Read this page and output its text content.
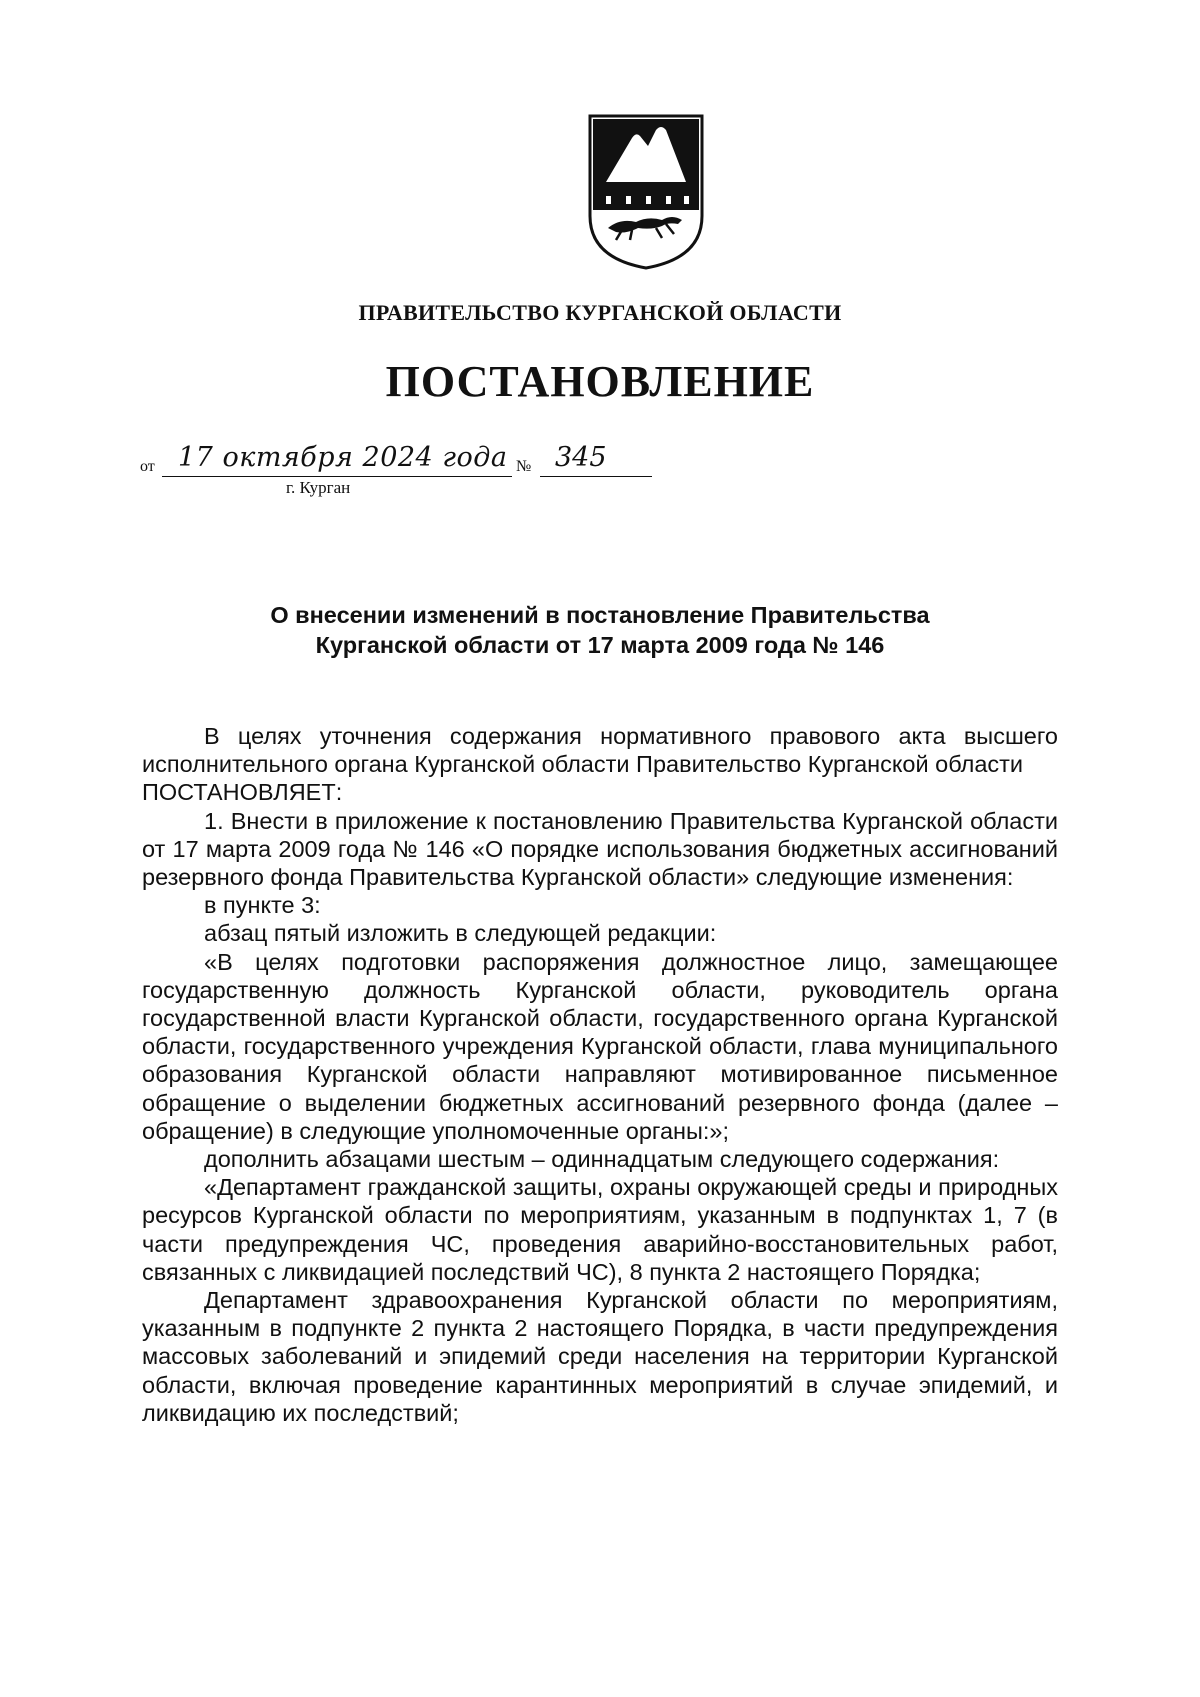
ПРАВИТЕЛЬСТВО КУРГАНСКОЙ ОБЛАСТИ
ПОСТАНОВЛЕНИЕ
от 17 октября 2024 года № 345
г. Курган
О внесении изменений в постановление Правительства
Курганской области от 17 марта 2009 года № 146

В целях уточнения содержания нормативного правового акта высшего исполнительного органа Курганской области Правительство Курганской области

ПОСТАНОВЛЯЕТ:

1. Внести в приложение к постановлению Правительства Курганской области от 17 марта 2009 года № 146 «О порядке использования бюджетных ассигнований резервного фонда Правительства Курганской области» следующие изменения:

в пункте 3:

абзац пятый изложить в следующей редакции:

«В целях подготовки распоряжения должностное лицо, замещающее государственную должность Курганской области, руководитель органа государственной власти Курганской области, государственного органа Курганской области, государственного учреждения Курганской области, глава муниципального образования Курганской области направляют мотивированное письменное обращение о выделении бюджетных ассигнований резервного фонда (далее – обращение) в следующие уполномоченные органы:»;

дополнить абзацами шестым – одиннадцатым следующего содержания:

«Департамент гражданской защиты, охраны окружающей среды и природных ресурсов Курганской области по мероприятиям, указанным в подпунктах 1, 7 (в части предупреждения ЧС, проведения аварийно-восстановительных работ, связанных с ликвидацией последствий ЧС), 8 пункта 2 настоящего Порядка;

Департамент здравоохранения Курганской области по мероприятиям, указанным в подпункте 2 пункта 2 настоящего Порядка, в части предупреждения массовых заболеваний и эпидемий среди населения на территории Курганской области, включая проведение карантинных мероприятий в случае эпидемий, и ликвидацию их последствий;
